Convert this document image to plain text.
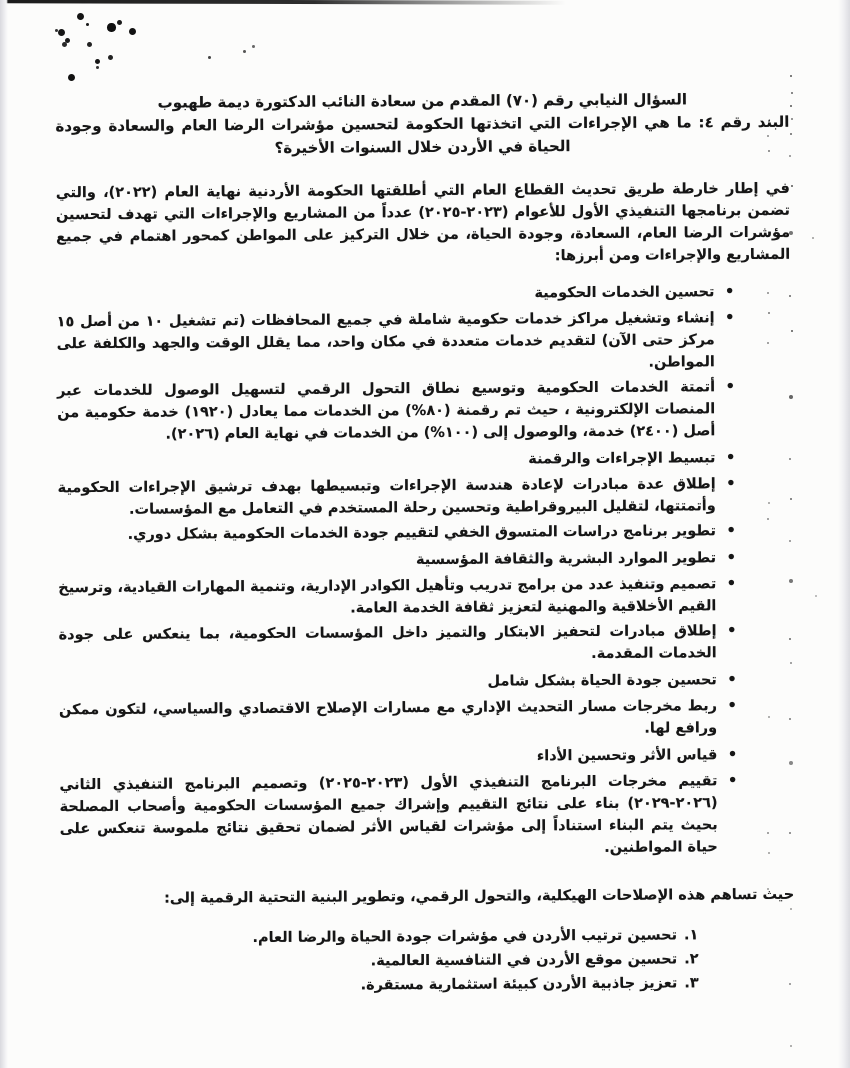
السؤال النيابي رقم (٧٠) المقدم من سعادة النائب الدكتورة ديمة طهبوب

البند رقم ٤: ما هي الإجراءات التي اتخذتها الحكومة لتحسين مؤشرات الرضا العام والسعادة وجودة الحياة في الأردن خلال السنوات الأخيرة؟

في إطار خارطة طريق تحديث القطاع العام التي أطلقتها الحكومة الأردنية نهاية العام (٢٠٢٢)، والتي تضمن برنامجها التنفيذي الأول للأعوام (٢٠٢٣-٢٠٢٥) عدداً من المشاريع والإجراءات التي تهدف لتحسين مؤشرات الرضا العام، السعادة، وجودة الحياة، من خلال التركيز على المواطن كمحور اهتمام في جميع المشاريع والإجراءات ومن أبرزها:

• تحسين الخدمات الحكومية
• إنشاء وتشغيل مراكز خدمات حكومية شاملة في جميع المحافظات (تم تشغيل ١٠ من أصل ١٥ مركز حتى الآن) لتقديم خدمات متعددة في مكان واحد، مما يقلل الوقت والجهد والكلفة على المواطن.
• أتمتة الخدمات الحكومية وتوسيع نطاق التحول الرقمي لتسهيل الوصول للخدمات عبر المنصات الإلكترونية ، حيث تم رقمنة (٨٠%) من الخدمات مما يعادل (١٩٢٠) خدمة حكومية من أصل (٢٤٠٠) خدمة، والوصول إلى (١٠٠%) من الخدمات في نهاية العام (٢٠٢٦).
• تبسيط الإجراءات والرقمنة
• إطلاق عدة مبادرات لإعادة هندسة الإجراءات وتبسيطها بهدف ترشيق الإجراءات الحكومية وأتمتتها، لتقليل البيروقراطية وتحسين رحلة المستخدم في التعامل مع المؤسسات.
• تطوير برنامج دراسات المتسوق الخفي لتقييم جودة الخدمات الحكومية بشكل دوري.
• تطوير الموارد البشرية والثقافة المؤسسية
• تصميم وتنفيذ عدد من برامج تدريب وتأهيل الكوادر الإدارية، وتنمية المهارات القيادية، وترسيخ القيم الأخلاقية والمهنية لتعزيز ثقافة الخدمة العامة.
• إطلاق مبادرات لتحفيز الابتكار والتميز داخل المؤسسات الحكومية، بما ينعكس على جودة الخدمات المقدمة.
• تحسين جودة الحياة بشكل شامل
• ربط مخرجات مسار التحديث الإداري مع مسارات الإصلاح الاقتصادي والسياسي، لتكون ممكن ورافع لها.
• قياس الأثر وتحسين الأداء
• تقييم مخرجات البرنامج التنفيذي الأول (٢٠٢٣-٢٠٢٥) وتصميم البرنامج التنفيذي الثاني (٢٠٢٦-٢٠٢٩) بناء على نتائج التقييم وإشراك جميع المؤسسات الحكومية وأصحاب المصلحة بحيث يتم البناء استناداً إلى مؤشرات لقياس الأثر لضمان تحقيق نتائج ملموسة تنعكس على حياة المواطنين.

حيث تساهم هذه الإصلاحات الهيكلية، والتحول الرقمي، وتطوير البنية التحتية الرقمية إلى:

١.تحسين ترتيب الأردن في مؤشرات جودة الحياة والرضا العام.
٢.تحسين موقع الأردن في التنافسية العالمية.
٣.تعزيز جاذبية الأردن كبيئة استثمارية مستقرة.
